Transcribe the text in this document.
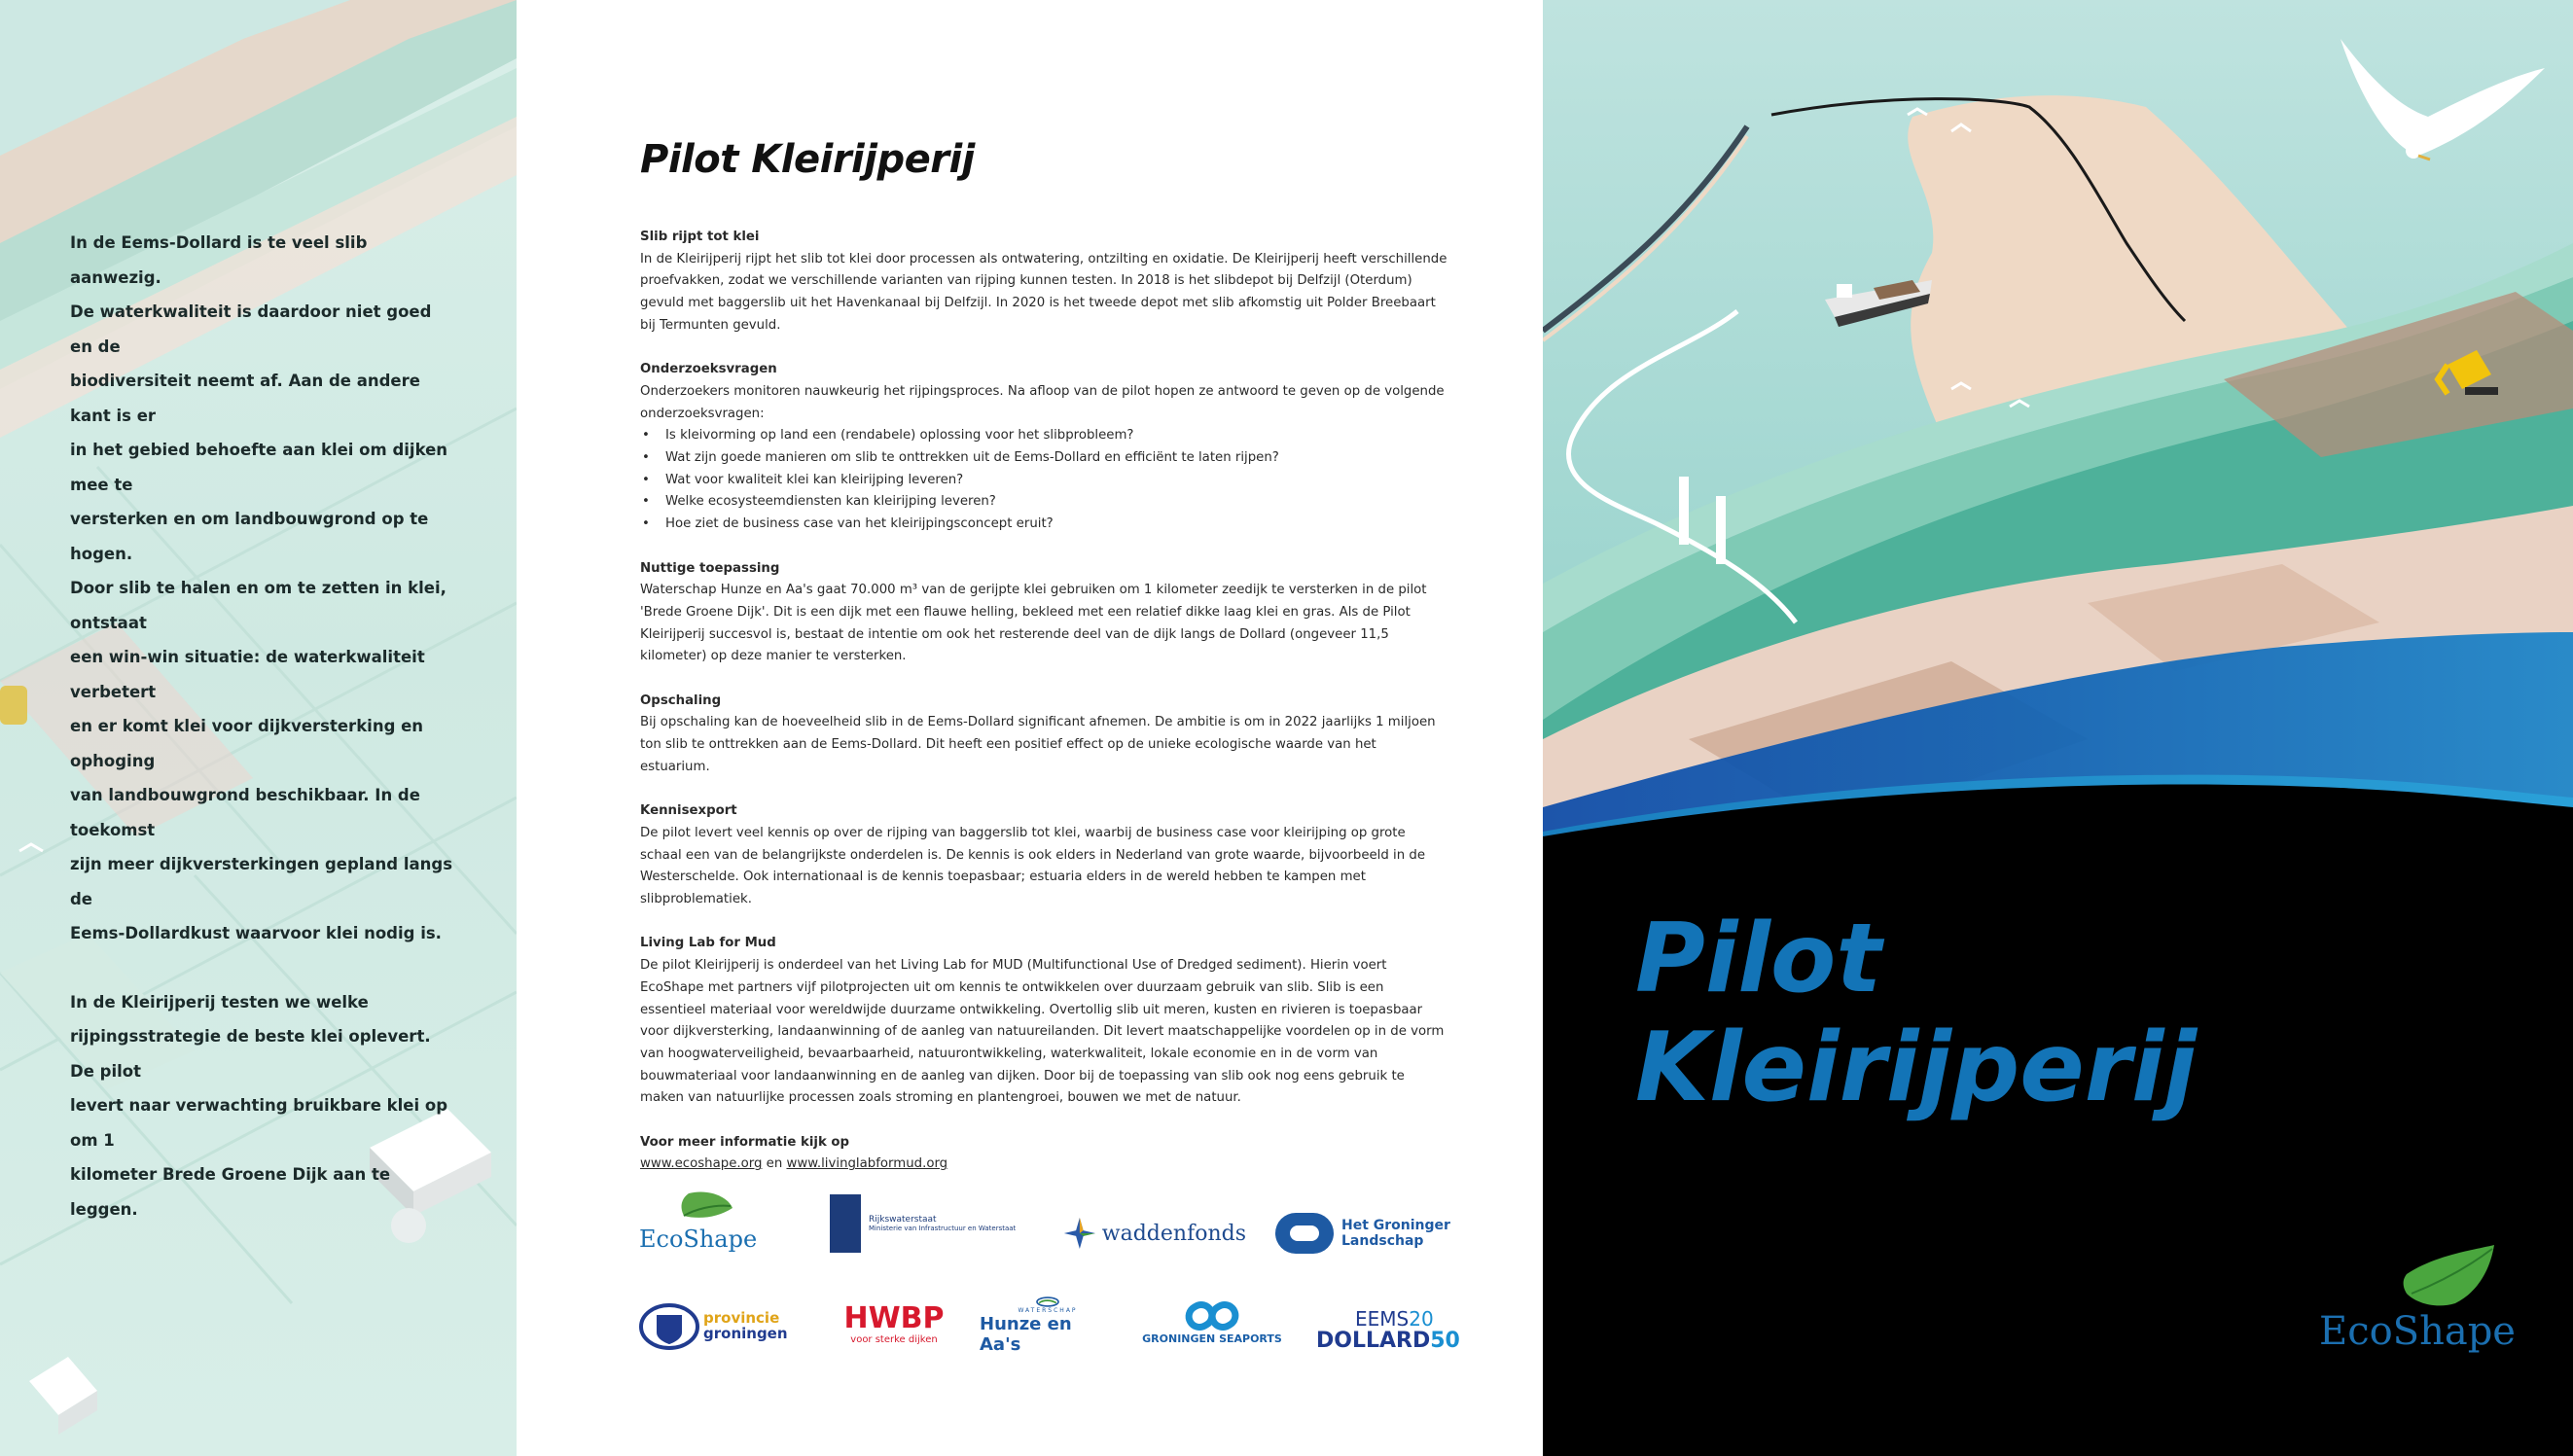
In de Eems-Dollard is te veel slib aanwezig.
De waterkwaliteit is daardoor niet goed en de
biodiversiteit neemt af. Aan de andere kant is er
in het gebied behoefte aan klei om dijken mee te
versterken en om landbouwgrond op te hogen.
Door slib te halen en om te zetten in klei, ontstaat
een win-win situatie: de waterkwaliteit verbetert
en er komt klei voor dijkversterking en ophoging
van landbouwgrond beschikbaar. In de toekomst
zijn meer dijkversterkingen gepland langs de
Eems-Dollardkust waarvoor klei nodig is.

In de Kleirijperij testen we welke
rijpingsstrategie de beste klei oplevert. De pilot
levert naar verwachting bruikbare klei op om 1
kilometer Brede Groene Dijk aan te leggen.

Pilot Kleirijperij
Slib rijpt tot klei
In de Kleirijperij rijpt het slib tot klei door processen als ontwatering, ontzilting en oxidatie. De Kleirijperij heeft verschillende proefvakken, zodat we verschillende varianten van rijping kunnen testen. In 2018 is het slibdepot bij Delfzijl (Oterdum) gevuld met baggerslib uit het Havenkanaal bij Delfzijl. In 2020 is het tweede depot met slib afkomstig uit Polder Breebaart bij Termunten gevuld.
Onderzoeksvragen
Onderzoekers monitoren nauwkeurig het rijpingsproces. Na afloop van de pilot hopen ze antwoord te geven op de volgende onderzoeksvragen:
• Is kleivorming op land een (rendabele) oplossing voor het slibprobleem?
• Wat zijn goede manieren om slib te onttrekken uit de Eems-Dollard en efficiënt te laten rijpen?
• Wat voor kwaliteit klei kan kleirijping leveren?
• Welke ecosysteemdiensten kan kleirijping leveren?
• Hoe ziet de business case van het kleirijpingsconcept eruit?
Nuttige toepassing
Waterschap Hunze en Aa's gaat 70.000 m³ van de gerijpte klei gebruiken om 1 kilometer zeedijk te versterken in de pilot 'Brede Groene Dijk'. Dit is een dijk met een flauwe helling, bekleed met een relatief dikke laag klei en gras. Als de Pilot Kleirijperij succesvol is, bestaat de intentie om ook het resterende deel van de dijk langs de Dollard (ongeveer 11,5 kilometer) op deze manier te versterken.
Opschaling
Bij opschaling kan de hoeveelheid slib in de Eems-Dollard significant afnemen. De ambitie is om in 2022 jaarlijks 1 miljoen ton slib te onttrekken aan de Eems-Dollard. Dit heeft een positief effect op de unieke ecologische waarde van het estuarium.
Kennisexport
De pilot levert veel kennis op over de rijping van baggerslib tot klei, waarbij de business case voor kleirijping op grote schaal een van de belangrijkste onderdelen is. De kennis is ook elders in Nederland van grote waarde, bijvoorbeeld in de Westerschelde. Ook internationaal is de kennis toepasbaar; estuaria elders in de wereld hebben te kampen met slibproblematiek.
Living Lab for Mud
De pilot Kleirijperij is onderdeel van het Living Lab for MUD (Multifunctional Use of Dredged sediment). Hierin voert EcoShape met partners vijf pilotprojecten uit om kennis te ontwikkelen over duurzaam gebruik van slib. Slib is een essentieel materiaal voor wereldwijde duurzame ontwikkeling. Overtollig slib uit meren, kusten en rivieren is toepasbaar voor dijkversterking, landaanwinning of de aanleg van natuureilanden. Dit levert maatschappelijke voordelen op in de vorm van hoogwaterveiligheid, bevaarbaarheid, natuurontwikkeling, waterkwaliteit, lokale economie en in de vorm van bouwmateriaal voor landaanwinning en de aanleg van dijken. Door bij de toepassing van slib ook nog eens gebruik te maken van natuurlijke processen zoals stroming en plantengroei, bouwen we met de natuur.
Voor meer informatie kijk op
www.ecoshape.org en www.livinglabformud.org
EcoShape
Rijkswaterstaat
Ministerie van Infrastructuur en Waterstaat	waddenfonds	Het Groninger
Landschap
provincie
groningen HWBP
voor sterke dijken
WATERSCHAP
Hunze en Aa's	GRONINGEN SEAPORTS
EEMS 20
DOLLARD 50
Pilot
Kleirijperij
EcoShape
